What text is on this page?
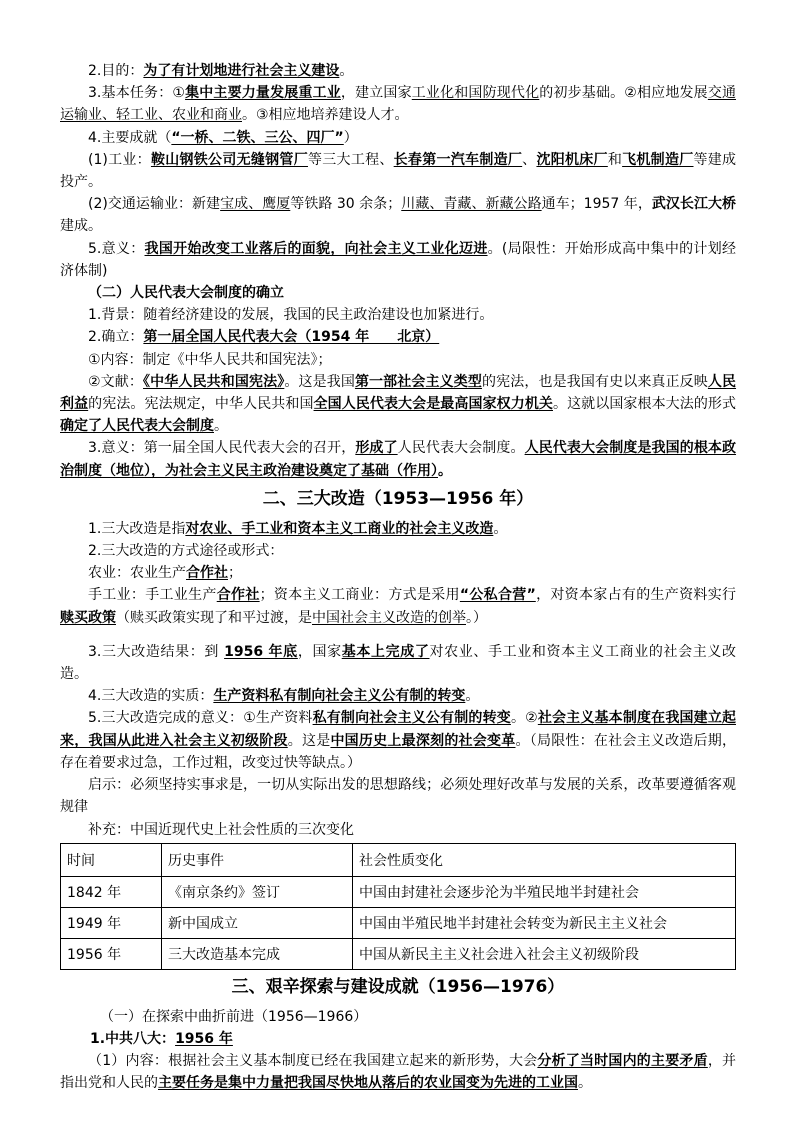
2.目的：为了有计划地进行社会主义建设。

3.基本任务：①集中主要力量发展重工业，建立国家工业化和国防现代化的初步基础。②相应地发展交通运输业、轻工业、农业和商业。③相应地培养建设人才。

4.主要成就（“一桥、二铁、三公、四厂”）

(1)工业：鞍山钢铁公司无缝钢管厂等三大工程、长春第一汽车制造厂、沈阳机床厂和飞机制造厂等建成投产。

(2)交通运输业：新建宝成、鹰厦等铁路 30 余条；川藏、青藏、新藏公路通车；1957 年，武汉长江大桥建成。

5.意义：我国开始改变工业落后的面貌，向社会主义工业化迈进。(局限性：开始形成高中集中的计划经济体制)

（二）人民代表大会制度的确立

1.背景：随着经济建设的发展，我国的民主政治建设也加紧进行。

2.确立：第一届全国人民代表大会（1954 年　　北京）

①内容：制定《中华人民共和国宪法》；

②文献：《中华人民共和国宪法》。这是我国第一部社会主义类型的宪法，也是我国有史以来真正反映人民利益的宪法。宪法规定，中华人民共和国全国人民代表大会是最高国家权力机关。这就以国家根本大法的形式确定了人民代表大会制度。

3.意义：第一届全国人民代表大会的召开，形成了人民代表大会制度。人民代表大会制度是我国的根本政治制度（地位），为社会主义民主政治建设奠定了基础（作用）。

二、三大改造（1953—1956 年）

1.三大改造是指对农业、手工业和资本主义工商业的社会主义改造。

2.三大改造的方式途径或形式：

农业：农业生产合作社；

手工业：手工业生产合作社；资本主义工商业：方式是采用“公私合营”，对资本家占有的生产资料实行赎买政策（赎买政策实现了和平过渡，是中国社会主义改造的创举。）

3.三大改造结果：到 1956 年底，国家基本上完成了对农业、手工业和资本主义工商业的社会主义改造。

4.三大改造的实质：生产资料私有制向社会主义公有制的转变。

5.三大改造完成的意义：①生产资料私有制向社会主义公有制的转变。②社会主义基本制度在我国建立起来，我国从此进入社会主义初级阶段。这是中国历史上最深刻的社会变革。（局限性：在社会主义改造后期，存在着要求过急，工作过粗，改变过快等缺点。）

启示：必须坚持实事求是，一切从实际出发的思想路线；必须处理好改革与发展的关系，改革要遵循客观规律

补充：中国近现代史上社会性质的三次变化

时间	历史事件	社会性质变化
1842 年	《南京条约》签订	中国由封建社会逐步沦为半殖民地半封建社会
1949 年	新中国成立	中国由半殖民地半封建社会转变为新民主主义社会
1956 年	三大改造基本完成	中国从新民主主义社会进入社会主义初级阶段
三、艰辛探索与建设成就（1956—1976）

（一）在探索中曲折前进（1956—1966）

1.中共八大：1956 年

（1）内容：根据社会主义基本制度已经在我国建立起来的新形势，大会分析了当时国内的主要矛盾，并指出党和人民的主要任务是集中力量把我国尽快地从落后的农业国变为先进的工业国。
